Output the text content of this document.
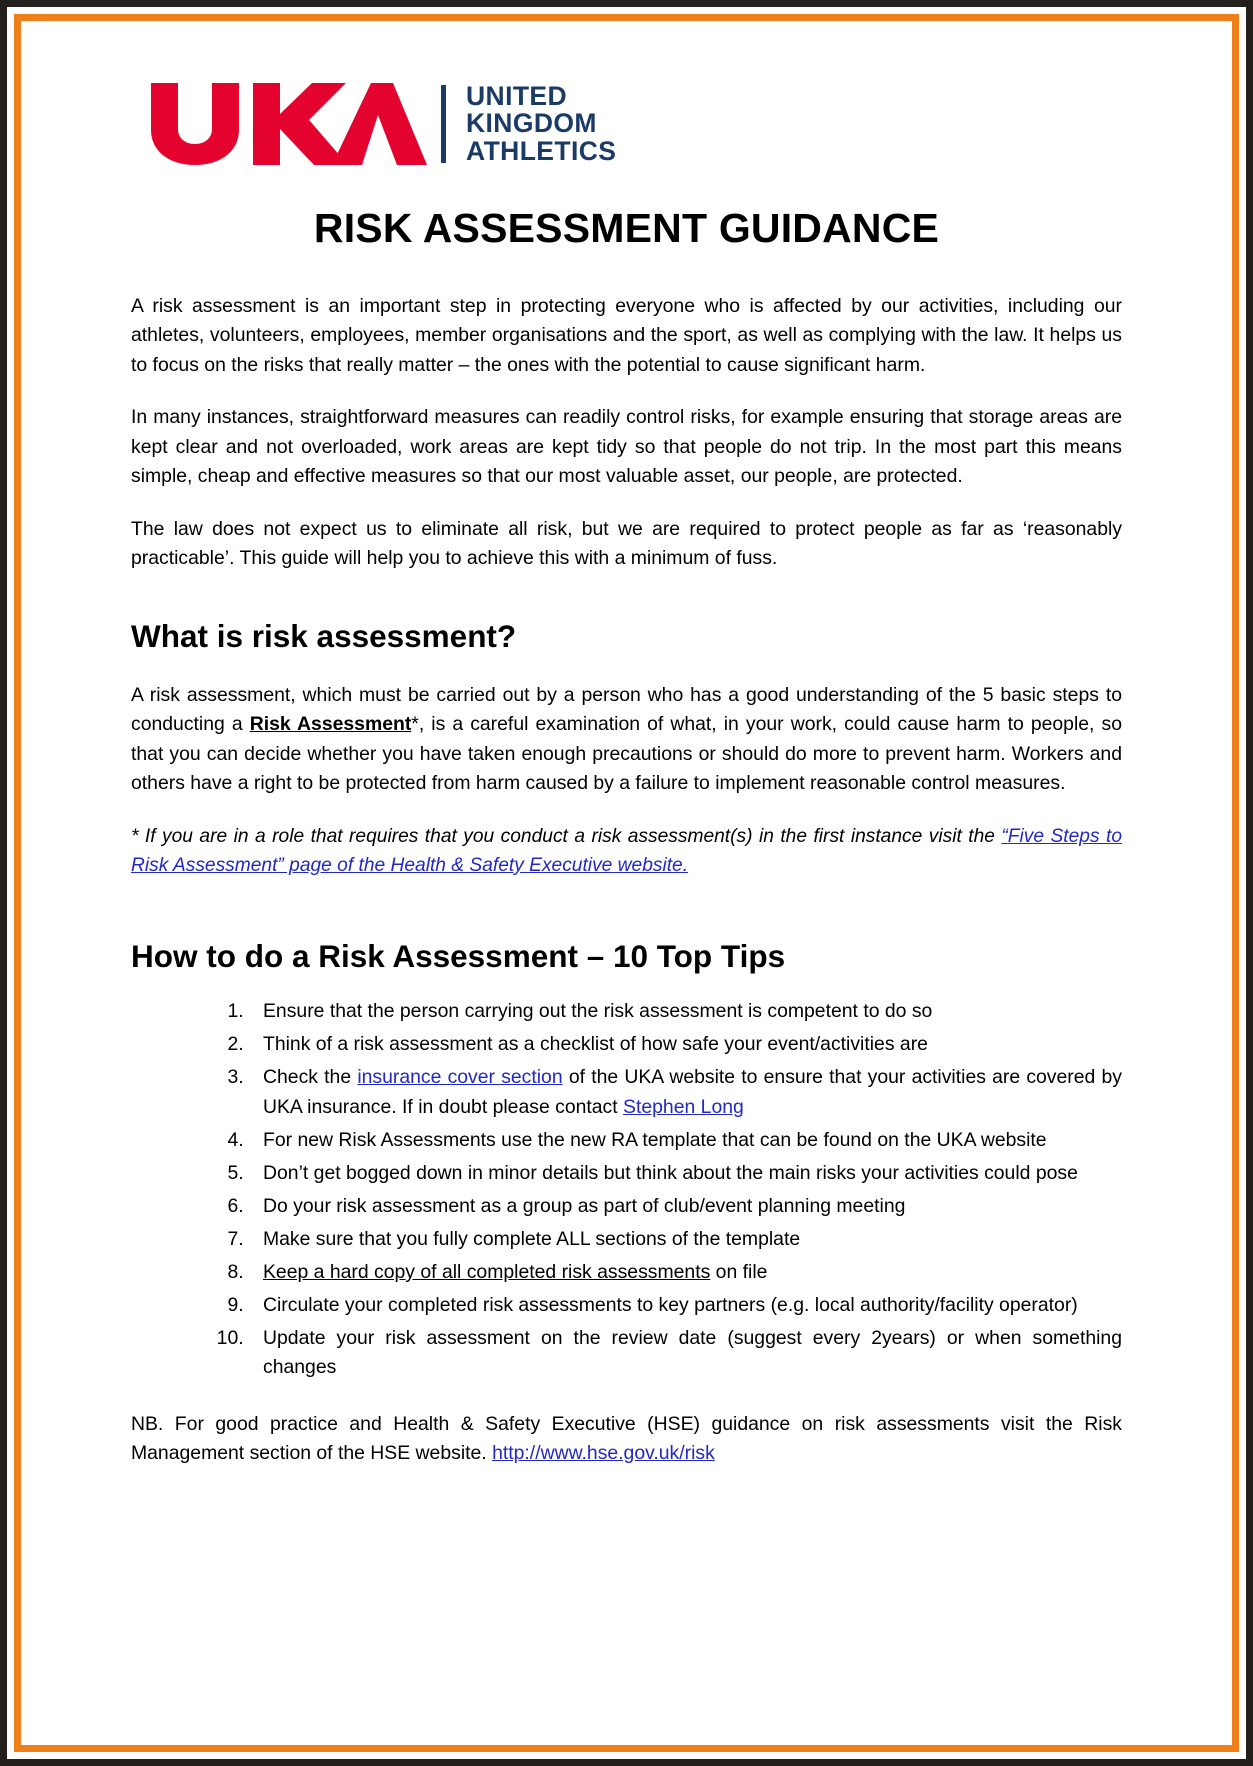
UNITED
KINGDOM
ATHLETICS
RISK ASSESSMENT GUIDANCE

A risk assessment is an important step in protecting everyone who is affected by our activities, including our athletes, volunteers, employees, member organisations and the sport, as well as complying with the law. It helps us to focus on the risks that really matter – the ones with the potential to cause significant harm.

In many instances, straightforward measures can readily control risks, for example ensuring that storage areas are kept clear and not overloaded, work areas are kept tidy so that people do not trip. In the most part this means simple, cheap and effective measures so that our most valuable asset, our people, are protected.

The law does not expect us to eliminate all risk, but we are required to protect people as far as ‘reasonably practicable’. This guide will help you to achieve this with a minimum of fuss.

What is risk assessment?

A risk assessment, which must be carried out by a person who has a good understanding of the 5 basic steps to conducting a Risk Assessment*, is a careful examination of what, in your work, could cause harm to people, so that you can decide whether you have taken enough precautions or should do more to prevent harm. Workers and others have a right to be protected from harm caused by a failure to implement reasonable control measures.

* If you are in a role that requires that you conduct a risk assessment(s) in the first instance visit the “Five Steps to Risk Assessment” page of the Health & Safety Executive website.

How to do a Risk Assessment – 10 Top Tips
1. Ensure that the person carrying out the risk assessment is competent to do so
2. Think of a risk assessment as a checklist of how safe your event/activities are
3. Check the insurance cover section of the UKA website to ensure that your activities are covered by UKA insurance. If in doubt please contact Stephen Long
4. For new Risk Assessments use the new RA template that can be found on the UKA website
5. Don’t get bogged down in minor details but think about the main risks your activities could pose
6. Do your risk assessment as a group as part of club/event planning meeting
7. Make sure that you fully complete ALL sections of the template
8. Keep a hard copy of all completed risk assessments on file
9. Circulate your completed risk assessments to key partners (e.g. local authority/facility operator)
10. Update your risk assessment on the review date (suggest every 2years) or when something changes

NB. For good practice and Health & Safety Executive (HSE) guidance on risk assessments visit the Risk Management section of the HSE website. http://www.hse.gov.uk/risk
